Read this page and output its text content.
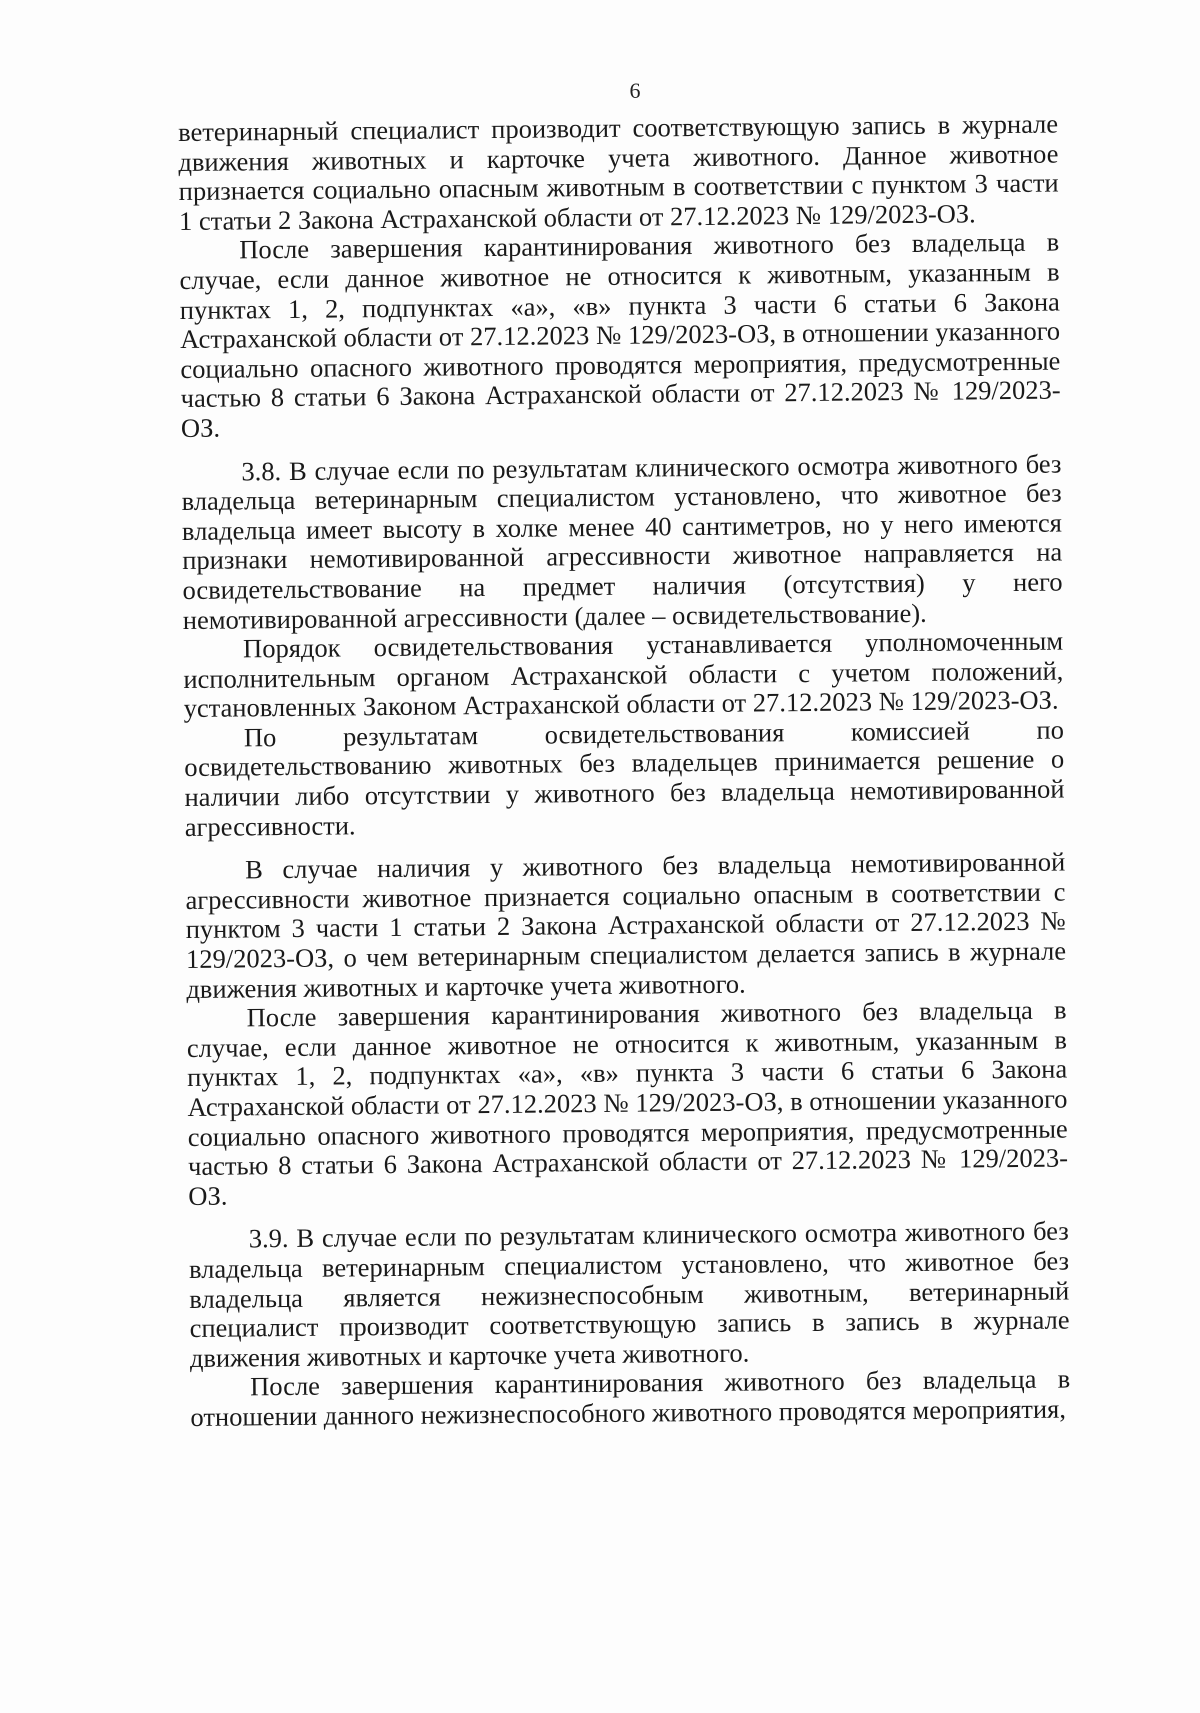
6

ветеринарный специалист производит соответствующую запись в журнале движения животных и карточке учета животного. Данное животное признается социально опасным животным в соответствии с пунктом 3 части 1 статьи 2 Закона Астраханской области от 27.12.2023 № 129/2023-ОЗ.

После завершения карантинирования животного без владельца в случае, если данное животное не относится к животным, указанным в пунктах 1, 2, подпунктах «а», «в» пункта 3 части 6 статьи 6 Закона Астраханской области от 27.12.2023 № 129/2023-ОЗ, в отношении указанного социально опасного животного проводятся мероприятия, предусмотренные частью 8 статьи 6 Закона Астраханской области от 27.12.2023 № 129/2023-ОЗ.

3.8. В случае если по результатам клинического осмотра животного без владельца ветеринарным специалистом установлено, что животное без владельца имеет высоту в холке менее 40 сантиметров, но у него имеются признаки немотивированной агрессивности животное направляется на освидетельствование на предмет наличия (отсутствия) у него немотивированной агрессивности (далее – освидетельствование).

Порядок освидетельствования устанавливается уполномоченным исполнительным органом Астраханской области с учетом положений, установленных Законом Астраханской области от 27.12.2023 № 129/2023-ОЗ.

По результатам освидетельствования комиссией по освидетельствованию животных без владельцев принимается решение о наличии либо отсутствии у животного без владельца немотивированной агрессивности.

В случае наличия у животного без владельца немотивированной агрессивности животное признается социально опасным в соответствии с пунктом 3 части 1 статьи 2 Закона Астраханской области от 27.12.2023 № 129/2023-ОЗ, о чем ветеринарным специалистом делается запись в журнале движения животных и карточке учета животного.

После завершения карантинирования животного без владельца в случае, если данное животное не относится к животным, указанным в пунктах 1, 2, подпунктах «а», «в» пункта 3 части 6 статьи 6 Закона Астраханской области от 27.12.2023 № 129/2023-ОЗ, в отношении указанного социально опасного животного проводятся мероприятия, предусмотренные частью 8 статьи 6 Закона Астраханской области от 27.12.2023 № 129/2023-ОЗ.

3.9. В случае если по результатам клинического осмотра животного без владельца ветеринарным специалистом установлено, что животное без владельца является нежизнеспособным животным, ветеринарный специалист производит соответствующую запись в запись в журнале движения животных и карточке учета животного.

После завершения карантинирования животного без владельца в отношении данного нежизнеспособного животного проводятся мероприятия,
